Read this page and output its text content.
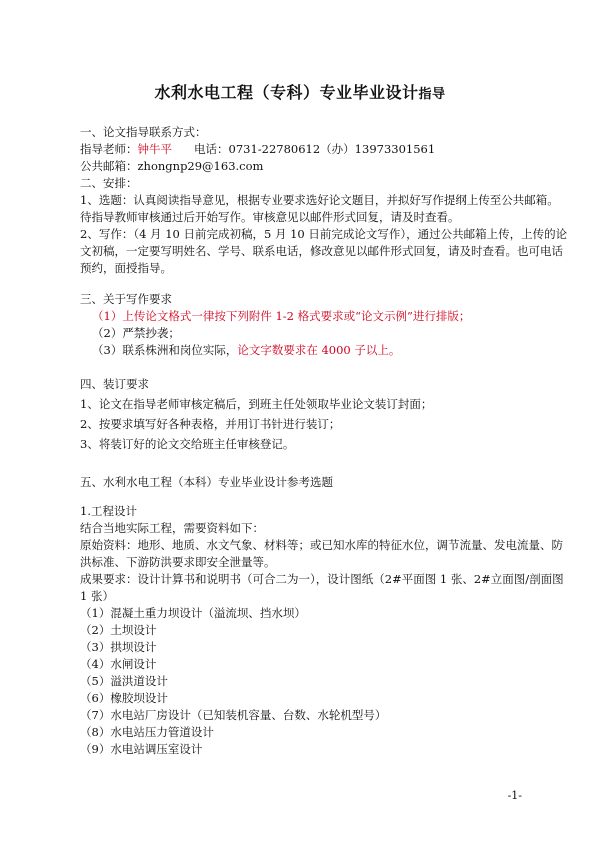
水利水电工程（专科）专业毕业设计指导
一、论文指导联系方式：
指导老师：钟牛平 电话：0731-22780612（办）13973301561
公共邮箱：zhongnp29@163.com
二、安排：
1、选题：认真阅读指导意见，根据专业要求选好论文题目，并拟好写作提纲上传至公共邮箱。
待指导教师审核通过后开始写作。审核意见以邮件形式回复，请及时查看。
2、写作：（4 月 10 日前完成初稿，5 月 10 日前完成论文写作），通过公共邮箱上传，上传的论
文初稿，一定要写明姓名、学号、联系电话，修改意见以邮件形式回复，请及时查看。也可电话
预约，面授指导。
三、关于写作要求
（1）上传论文格式一律按下列附件 1-2 格式要求或“论文示例”进行排版；
（2）严禁抄袭；
（3）联系株洲和岗位实际，论文字数要求在 4000 子以上。
四、装订要求
1、论文在指导老师审核定稿后，到班主任处领取毕业论文装订封面；
2、按要求填写好各种表格，并用订书针进行装订；
3、将装订好的论文交给班主任审核登记。
五、水利水电工程（本科）专业毕业设计参考选题
1.工程设计
结合当地实际工程，需要资料如下：
原始资料：地形、地质、水文气象、材料等；或已知水库的特征水位，调节流量、发电流量、防
洪标准、下游防洪要求即安全泄量等。
成果要求：设计计算书和说明书（可合二为一），设计图纸（2#平面图 1 张、2#立面图/剖面图
1 张）
（1）混凝土重力坝设计（溢流坝、挡水坝）
（2）土坝设计
（3）拱坝设计
（4）水闸设计
（5）溢洪道设计
（6）橡胶坝设计
（7）水电站厂房设计（已知装机容量、台数、水轮机型号）
（8）水电站压力管道设计
（9）水电站调压室设计
-1-
